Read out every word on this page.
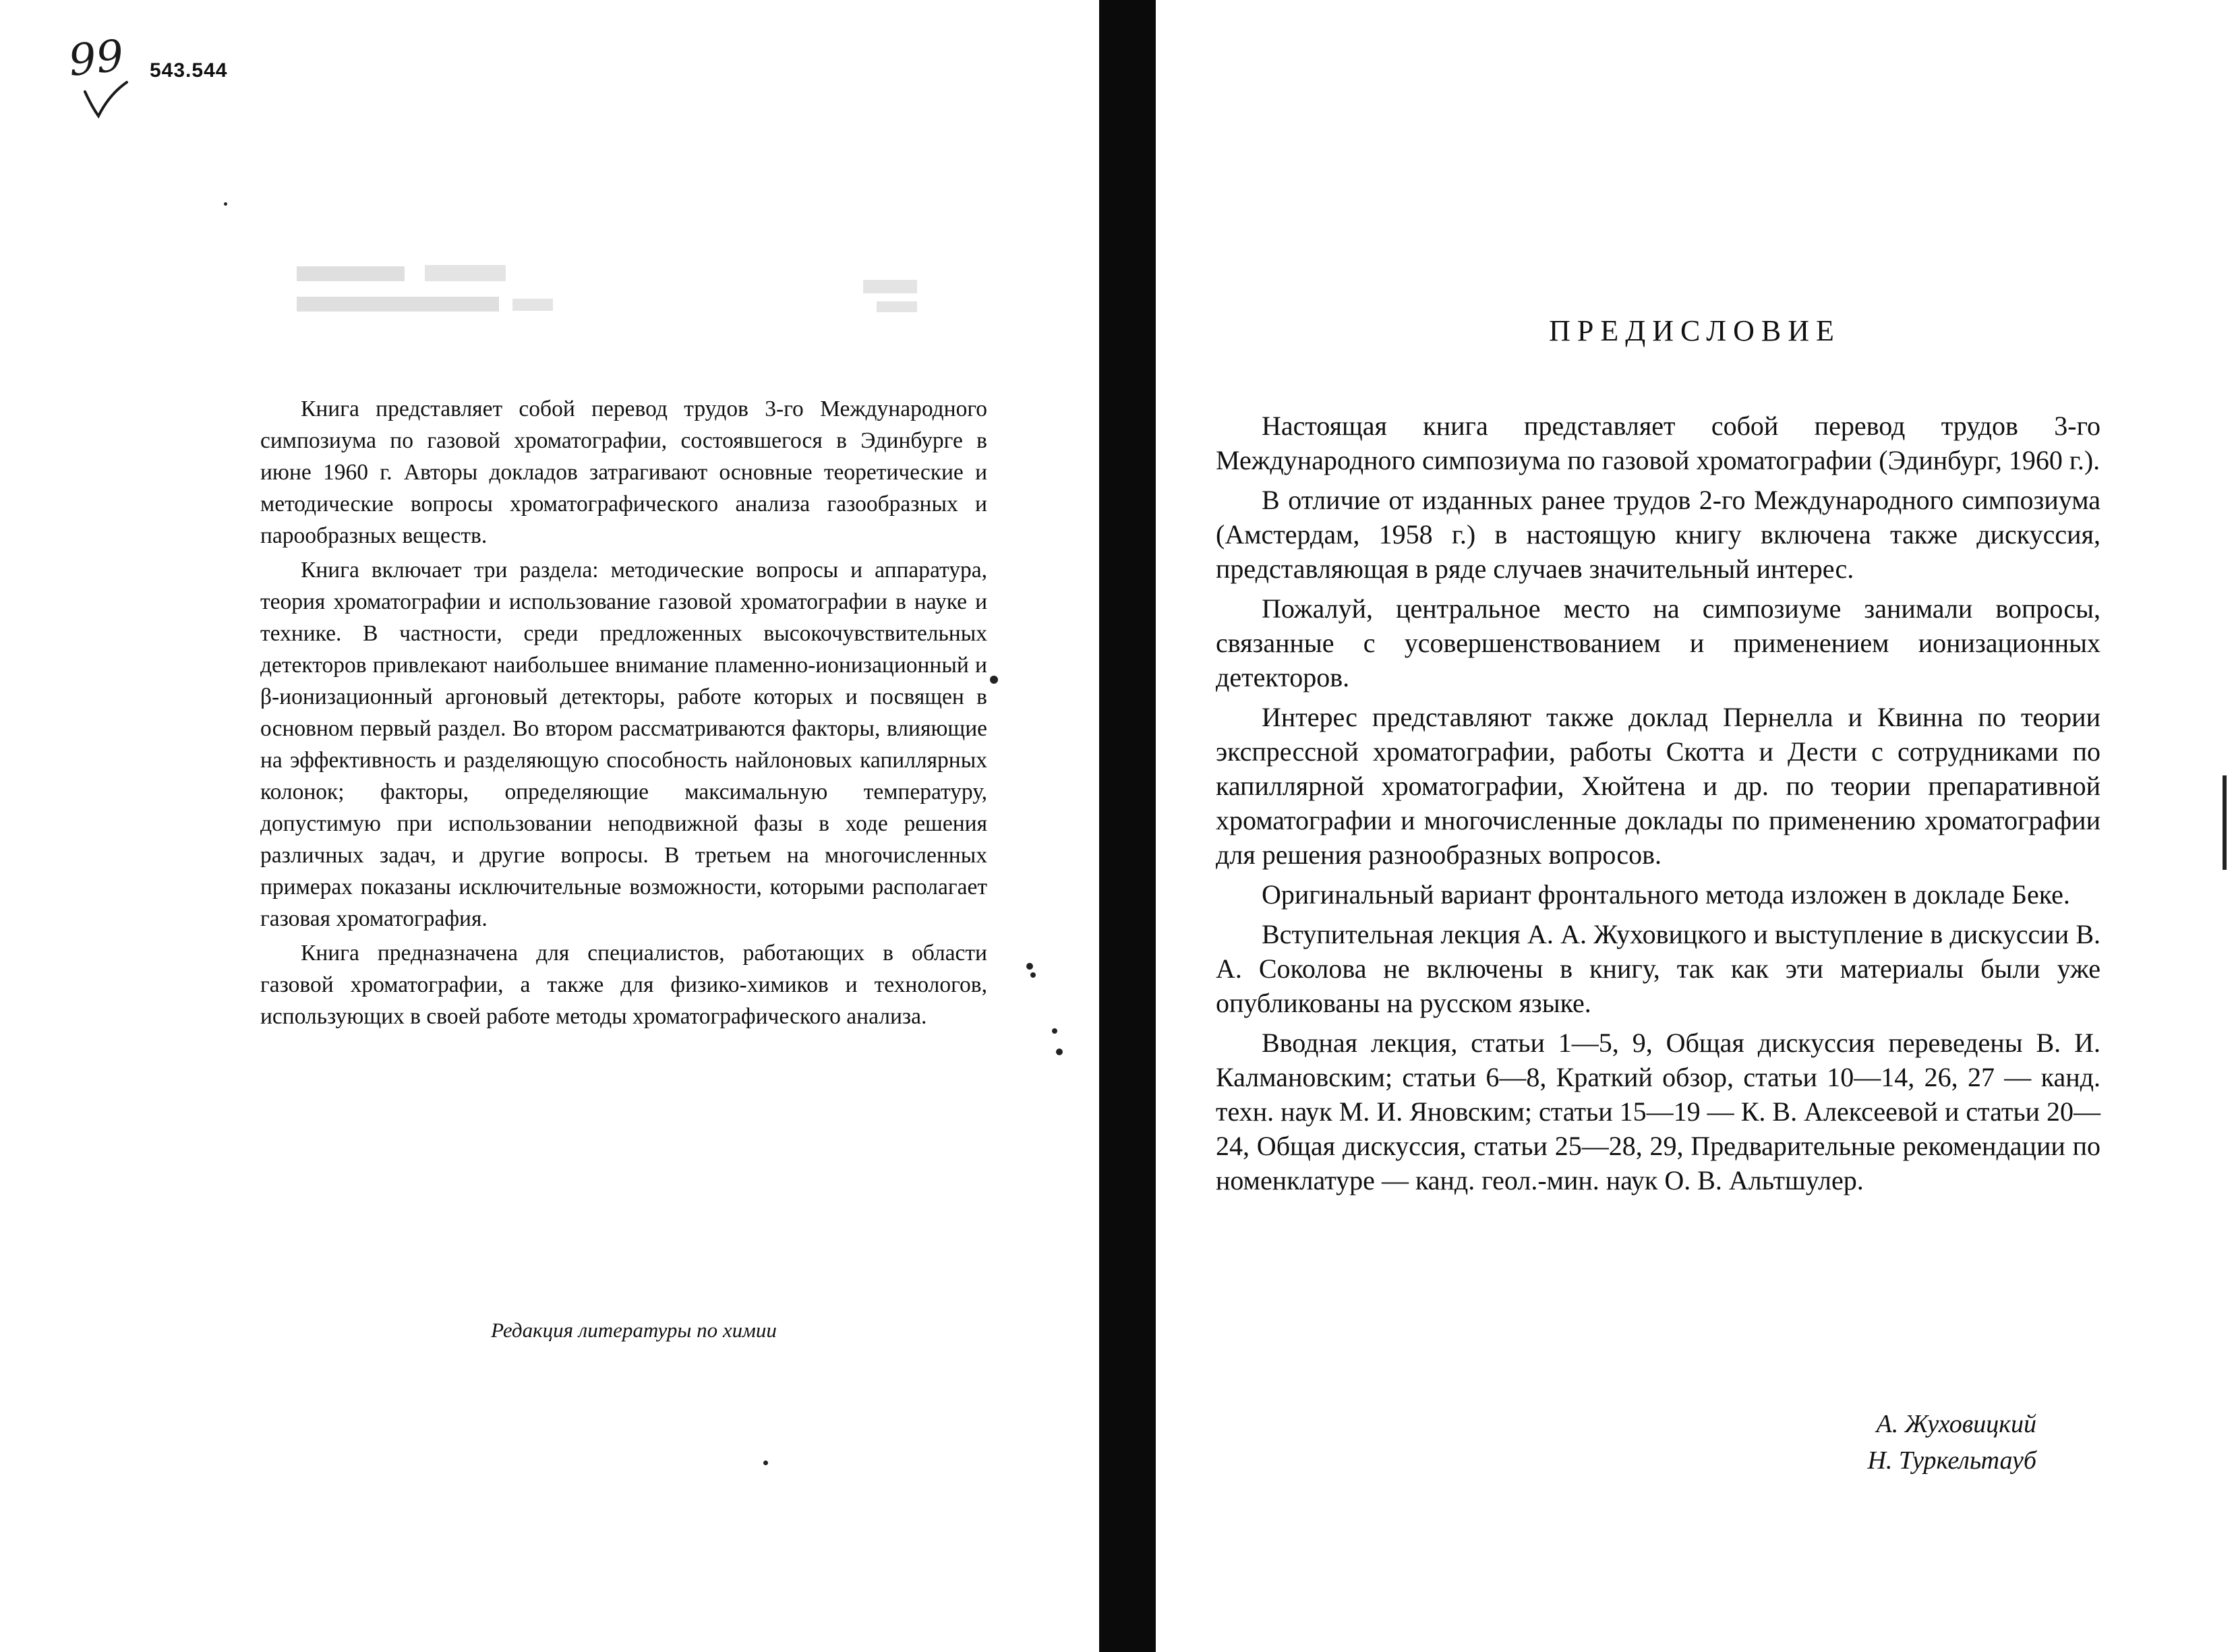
99 543.544

Книга представляет собой перевод трудов 3-го Международного симпозиума по газовой хроматографии, состоявшегося в Эдинбурге в июне 1960 г. Авторы докладов затрагивают основные теоретические и методические вопросы хроматографического анализа газообразных и парообразных веществ.

Книга включает три раздела: методические вопросы и аппаратура, теория хроматографии и использование газовой хроматографии в науке и технике. В частности, среди предложенных высокочувствительных детекторов привлекают наибольшее внимание пламенно-ионизационный и β-ионизационный аргоновый детекторы, работе которых и посвящен в основном первый раздел. Во втором рассматриваются факторы, влияющие на эффективность и разделяющую способность найлоновых капиллярных колонок; факторы, определяющие максимальную температуру, допустимую при использовании неподвижной фазы в ходе решения различных задач, и другие вопросы. В третьем на многочисленных примерах показаны исключительные возможности, которыми располагает газовая хроматография.

Книга предназначена для специалистов, работающих в области газовой хроматографии, а также для физико-химиков и технологов, использующих в своей работе методы хроматографического анализа.

Редакция литературы по химии
ПРЕДИСЛОВИЕ

Настоящая книга представляет собой перевод трудов 3-го Международного симпозиума по газовой хроматографии (Эдинбург, 1960 г.).

В отличие от изданных ранее трудов 2-го Международного симпозиума (Амстердам, 1958 г.) в настоящую книгу включена также дискуссия, представляющая в ряде случаев значительный интерес.

Пожалуй, центральное место на симпозиуме занимали вопросы, связанные с усовершенствованием и применением ионизационных детекторов.

Интерес представляют также доклад Пернелла и Квинна по теории экспрессной хроматографии, работы Скотта и Дести с сотрудниками по капиллярной хроматографии, Хюйтена и др. по теории препаративной хроматографии и многочисленные доклады по применению хроматографии для решения разнообразных вопросов.

Оригинальный вариант фронтального метода изложен в докладе Беке.

Вступительная лекция А. А. Жуховицкого и выступление в дискуссии В. А. Соколова не включены в книгу, так как эти материалы были уже опубликованы на русском языке.

Вводная лекция, статьи 1—5, 9, Общая дискуссия переведены В. И. Калмановским; статьи 6—8, Краткий обзор, статьи 10—14, 26, 27 — канд. техн. наук М. И. Яновским; статьи 15—19 — К. В. Алексеевой и статьи 20—24, Общая дискуссия, статьи 25—28, 29, Предварительные рекомендации по номенклатуре — канд. геол.-мин. наук О. В. Альтшулер.

А. Жуховицкий
Н. Туркельтауб
